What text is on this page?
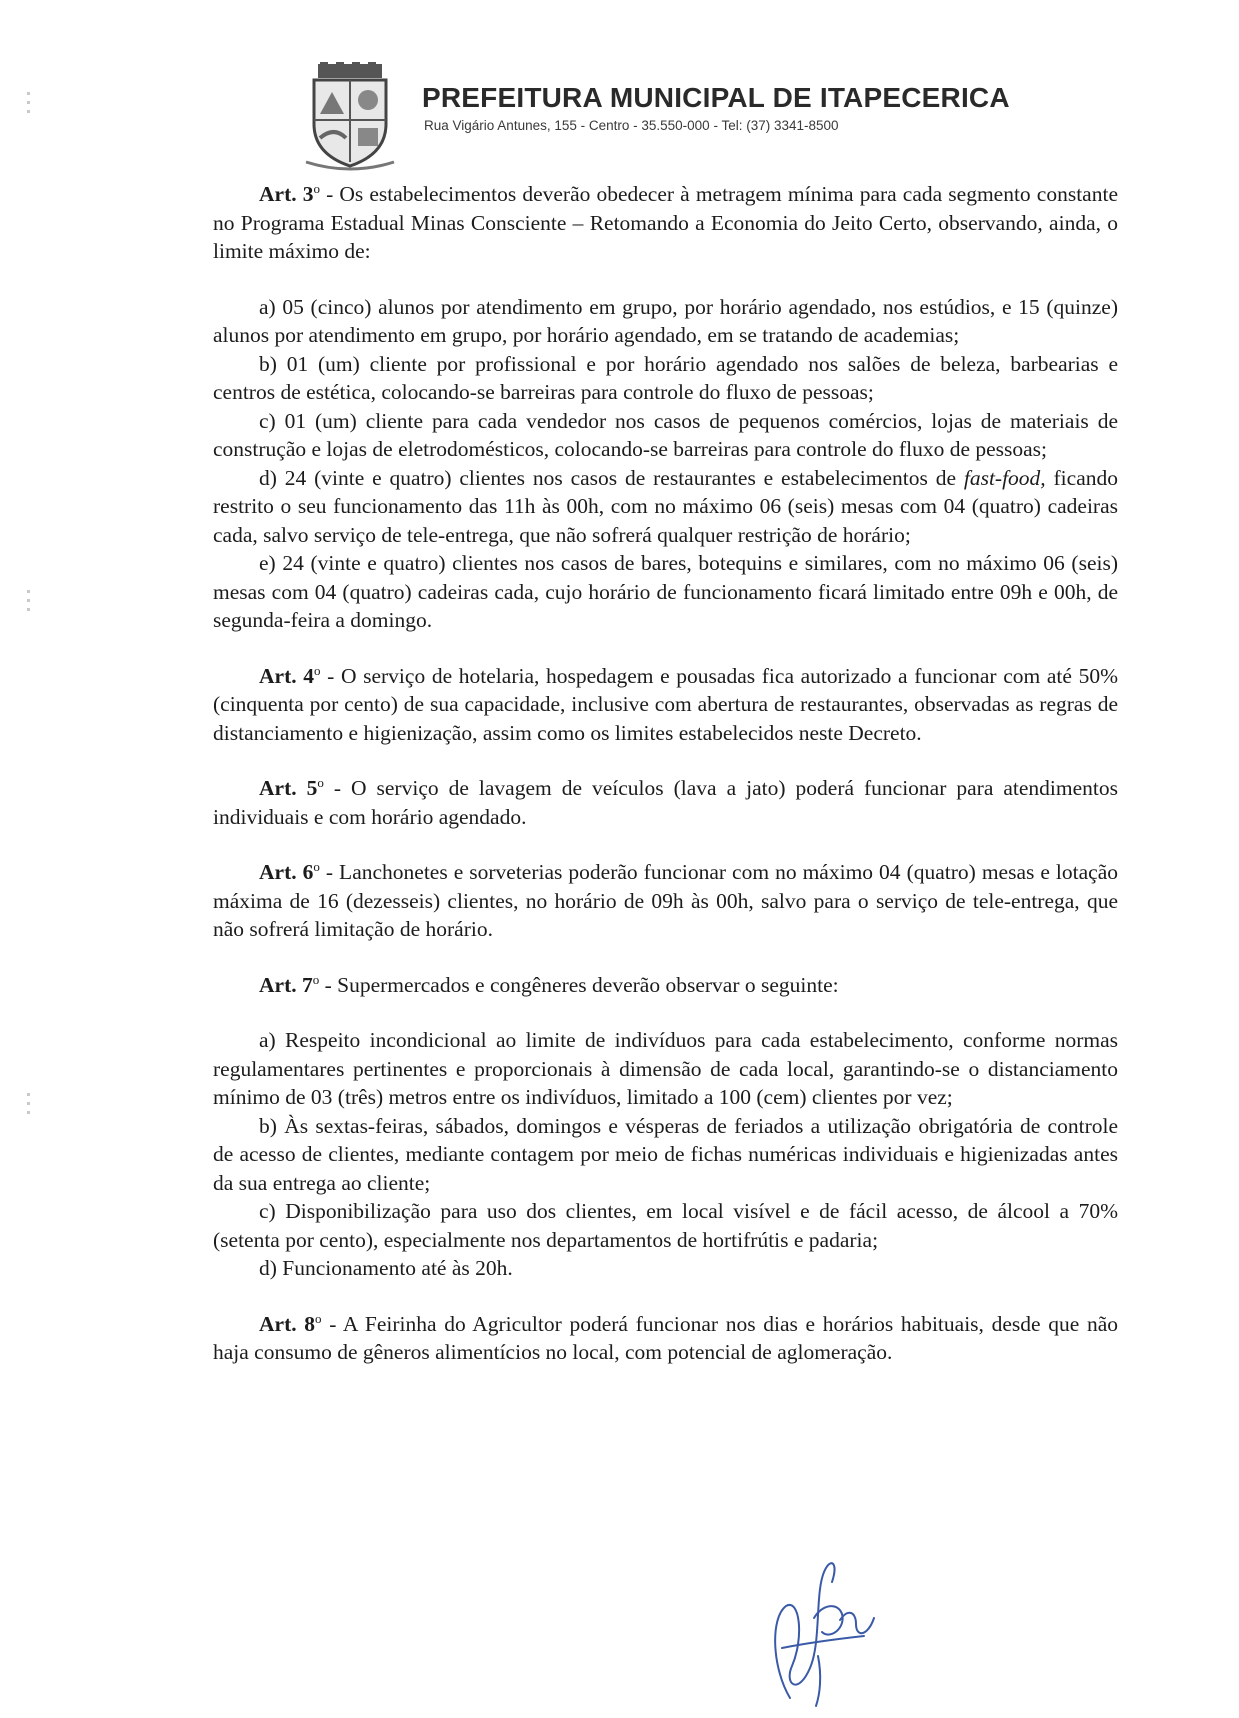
PREFEITURA MUNICIPAL DE ITAPECERICA
Rua Vigário Antunes, 155 - Centro - 35.550-000 - Tel: (37) 3341-8500

Art. 3$^o$ - Os estabelecimentos deverão obedecer à metragem mínima para cada segmento constante no Programa Estadual Minas Consciente – Retomando a Economia do Jeito Certo, observando, ainda, o limite máximo de:

a) 05 (cinco) alunos por atendimento em grupo, por horário agendado, nos estúdios, e 15 (quinze) alunos por atendimento em grupo, por horário agendado, em se tratando de academias;

b) 01 (um) cliente por profissional e por horário agendado nos salões de beleza, barbearias e centros de estética, colocando-se barreiras para controle do fluxo de pessoas;

c) 01 (um) cliente para cada vendedor nos casos de pequenos comércios, lojas de materiais de construção e lojas de eletrodomésticos, colocando-se barreiras para controle do fluxo de pessoas;

d) 24 (vinte e quatro) clientes nos casos de restaurantes e estabelecimentos de fast-food, ficando restrito o seu funcionamento das 11h às 00h, com no máximo 06 (seis) mesas com 04 (quatro) cadeiras cada, salvo serviço de tele-entrega, que não sofrerá qualquer restrição de horário;

e) 24 (vinte e quatro) clientes nos casos de bares, botequins e similares, com no máximo 06 (seis) mesas com 04 (quatro) cadeiras cada, cujo horário de funcionamento ficará limitado entre 09h e 00h, de segunda-feira a domingo.

Art. 4$^o$ - O serviço de hotelaria, hospedagem e pousadas fica autorizado a funcionar com até 50% (cinquenta por cento) de sua capacidade, inclusive com abertura de restaurantes, observadas as regras de distanciamento e higienização, assim como os limites estabelecidos neste Decreto.

Art. 5$^o$ - O serviço de lavagem de veículos (lava a jato) poderá funcionar para atendimentos individuais e com horário agendado.

Art. 6$^o$ - Lanchonetes e sorveterias poderão funcionar com no máximo 04 (quatro) mesas e lotação máxima de 16 (dezesseis) clientes, no horário de 09h às 00h, salvo para o serviço de tele-entrega, que não sofrerá limitação de horário.

Art. 7$^o$ - Supermercados e congêneres deverão observar o seguinte:

a) Respeito incondicional ao limite de indivíduos para cada estabelecimento, conforme normas regulamentares pertinentes e proporcionais à dimensão de cada local, garantindo-se o distanciamento mínimo de 03 (três) metros entre os indivíduos, limitado a 100 (cem) clientes por vez;

b) Às sextas-feiras, sábados, domingos e vésperas de feriados a utilização obrigatória de controle de acesso de clientes, mediante contagem por meio de fichas numéricas individuais e higienizadas antes da sua entrega ao cliente;

c) Disponibilização para uso dos clientes, em local visível e de fácil acesso, de álcool a 70% (setenta por cento), especialmente nos departamentos de hortifrútis e padaria;

d) Funcionamento até às 20h.

Art. 8$^o$ - A Feirinha do Agricultor poderá funcionar nos dias e horários habituais, desde que não haja consumo de gêneros alimentícios no local, com potencial de aglomeração.
